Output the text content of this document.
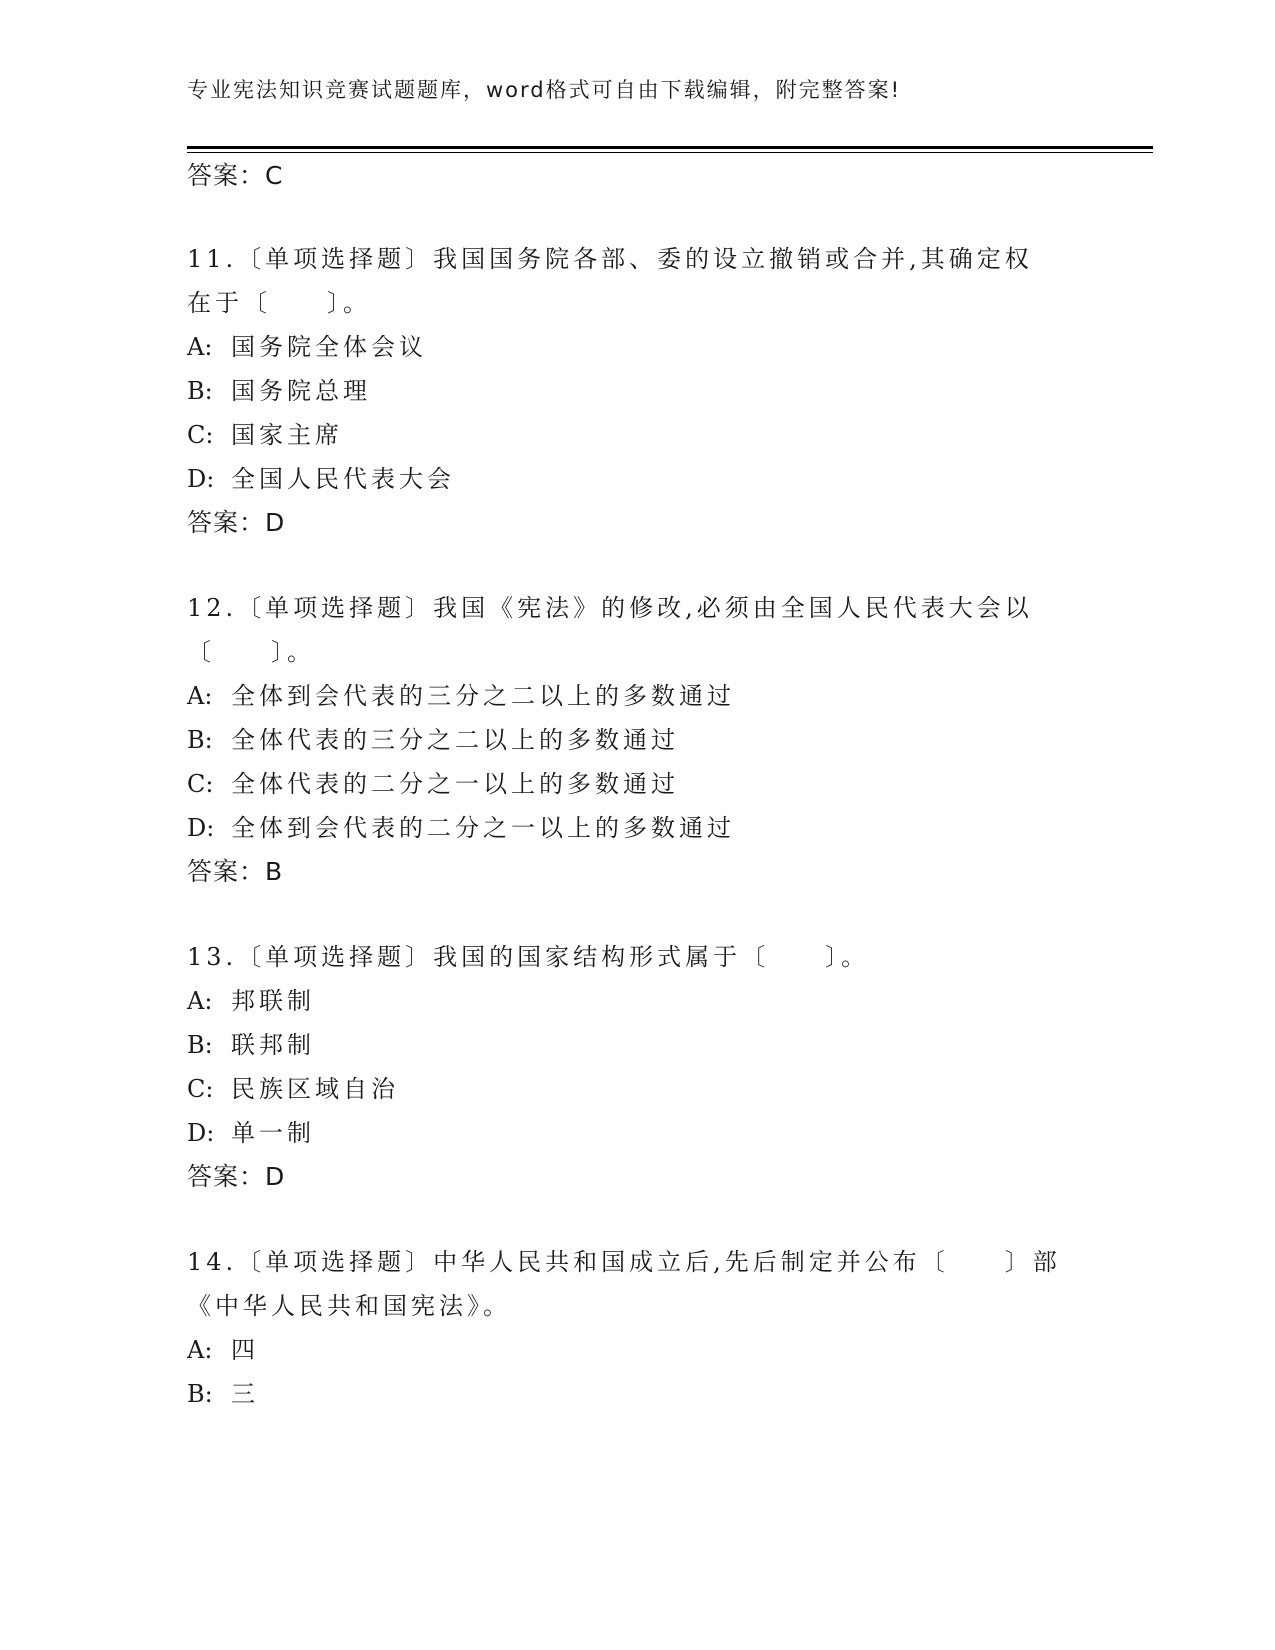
专业宪法知识竞赛试题题库，word格式可自由下载编辑，附完整答案!
答案：C
11.〔单项选择题〕我国国务院各部、委的设立撤销或合并,其确定权
在于〔　　〕。
A: 国务院全体会议
B: 国务院总理
C: 国家主席
D: 全国人民代表大会
答案：D
12.〔单项选择题〕我国《宪法》的修改,必须由全国人民代表大会以
〔　　〕。
A: 全体到会代表的三分之二以上的多数通过
B: 全体代表的三分之二以上的多数通过
C: 全体代表的二分之一以上的多数通过
D: 全体到会代表的二分之一以上的多数通过
答案：B
13.〔单项选择题〕我国的国家结构形式属于〔　　〕。
A: 邦联制
B: 联邦制
C: 民族区域自治
D: 单一制
答案：D
14.〔单项选择题〕中华人民共和国成立后,先后制定并公布〔　　〕部
《中华人民共和国宪法》。
A: 四
B: 三
